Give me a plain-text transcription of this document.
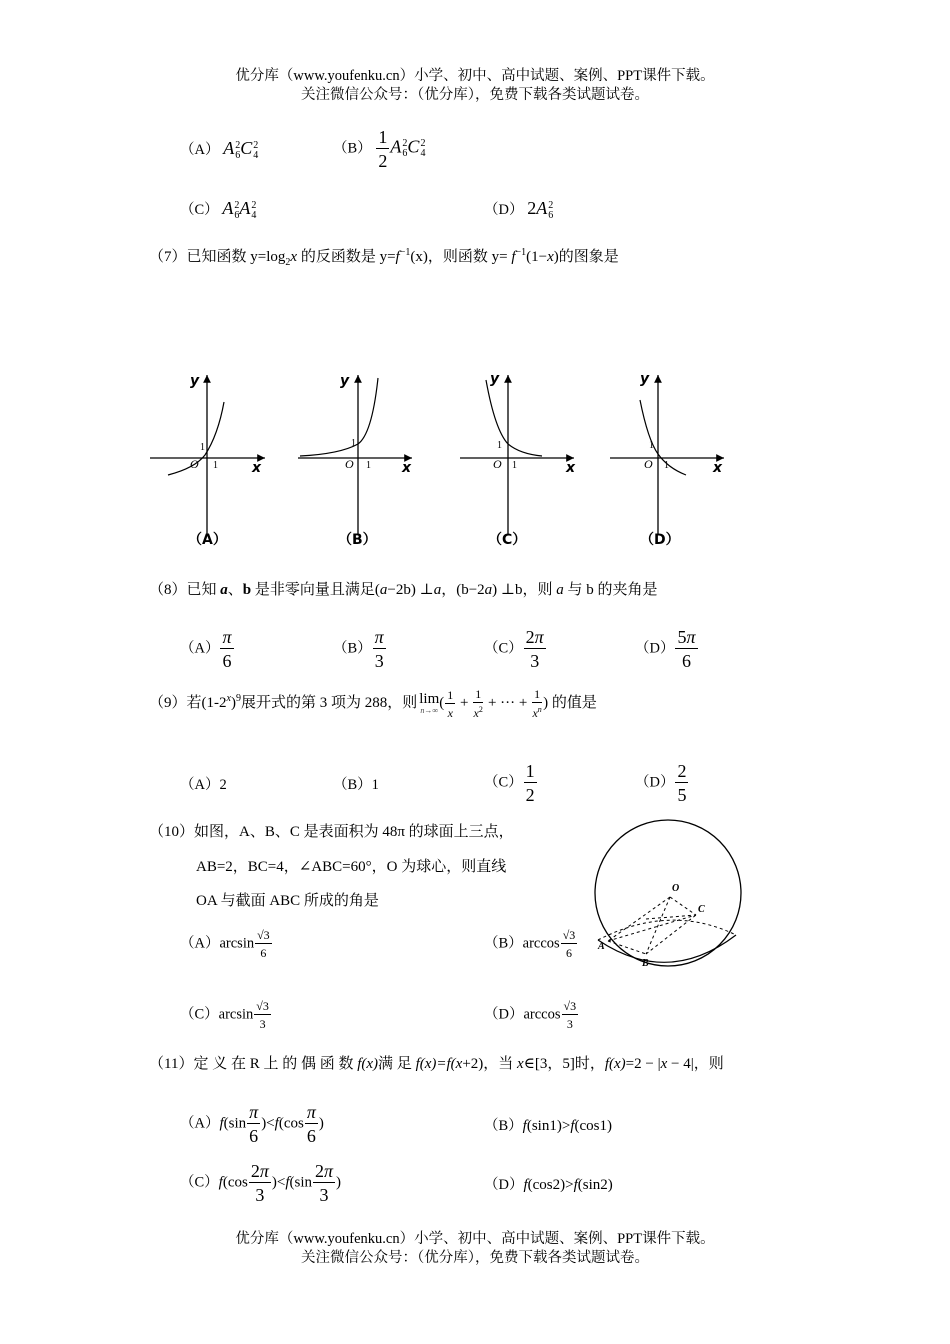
优分库（www.youfenku.cn）小学、初中、高中试题、案例、PPT课件下载。
关注微信公众号：（优分库），免费下载各类试题试卷。
（A） A 2
6 C 2
4	$(B) \frac{1}{2}$ A 2
6 C 2
4
（C） A 2
6 A 2
4	（D） 2A 2
6
（7）已知函数 $y=\log_2x$ 的反函数是 $y=f^{-1}(x)$，则函数 $y= f^{-1}(1-x)$的图象是
y
x
O 1
1
（A）
y
x
O 1
1
（B）
y
x
O 1
1
（C）
y
x
O 1
1
（D）
（8）已知 a、b 是非零向量且满足(a−2b) ⊥a，(b−2a) ⊥b，则 a 与 b 的夹角是
$(A) \frac{\pi}{6}$	$(B) \frac{\pi}{3}$	$(C) \frac{2\pi}{3}$	$(D) \frac{5\pi}{6}$
（9）若$(1-2^x)^9$展开式的第 3 项为 288，则 lim
n→∞ ( $\frac{1}{x} + \frac{1}{x^2}$ + ··· + $\frac{1}{x^n}$ ) 的值是
（A）2	（B）1	$(C) \frac{1}{2}$	$(D) \frac{2}{5}$
（10）如图，A、B、C 是表面积为 48π 的球面上三点，
AB=2，BC=4，∠ABC=60°，O 为球心，则直线
OA 与截面 ABC 所成的角是
$(A)\arcsin \frac{√3}{6}$	$(B)\arccos \frac{√3}{6}$
$(C)\arcsin \frac{√3}{3}$	$(D)\arccos \frac{√3}{3}$
O
C
A
B
（11）定 义 在 R 上 的 偶 函 数 f(x)满 足 f(x)=f(x+2)，当 x∈[3，5]时，f(x)=2 − |x − 4|，则
$(A)f(\sin \frac{\pi}{6} )<f(\cos \frac{\pi}{6}$ )	（B）f(sin1)>f(cos1)
$(C)f(\cos \frac{2\pi}{3} )<f(\sin \frac{2\pi}{3}$ )	（D）f(cos2)>f(sin2)
优分库（www.youfenku.cn）小学、初中、高中试题、案例、PPT课件下载。
关注微信公众号：（优分库），免费下载各类试题试卷。
